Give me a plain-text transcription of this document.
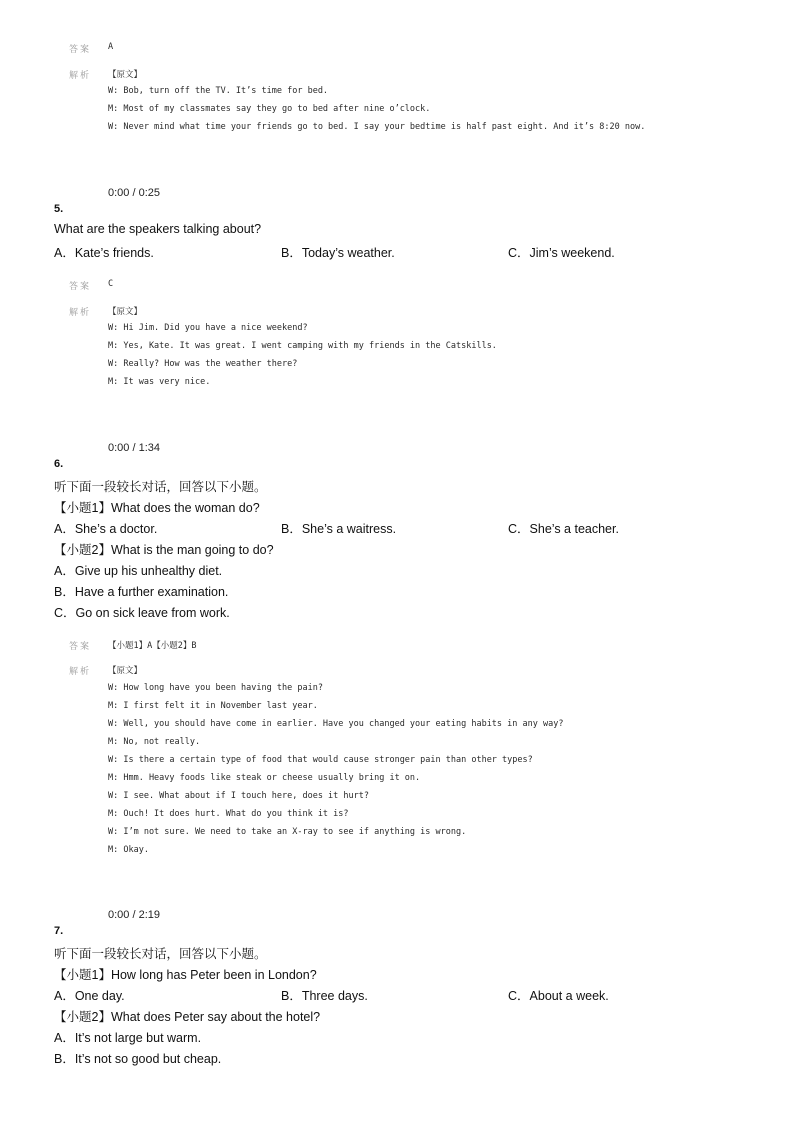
答案 A
解析 【原文】
W: Bob, turn off the TV. It’s time for bed.
M: Most of my classmates say they go to bed after nine o’clock.
W: Never mind what time your friends go to bed. I say your bedtime is half past eight. And it’s 8:20 now.
0:00 / 0:25
5.
What are the speakers talking about?
A．Kate’s friends.	B．Today’s weather.	C．Jim’s weekend.
答案 C
解析 【原文】
W: Hi Jim. Did you have a nice weekend?
M: Yes, Kate. It was great. I went camping with my friends in the Catskills.
W: Really? How was the weather there?
M: It was very nice.
0:00 / 1:34
6.
听下面一段较长对话，回答以下小题。
【小题1】What does the woman do?
A．She’s a doctor.	B．She’s a waitress.	C．She’s a teacher.
【小题2】What is the man going to do?
A．Give up his unhealthy diet.
B．Have a further examination.
C．Go on sick leave from work.
答案 【小题1】A【小题2】B
解析 【原文】
W: How long have you been having the pain?
M: I first felt it in November last year.
W: Well, you should have come in earlier. Have you changed your eating habits in any way?
M: No, not really.
W: Is there a certain type of food that would cause stronger pain than other types?
M: Hmm. Heavy foods like steak or cheese usually bring it on.
W: I see. What about if I touch here, does it hurt?
M: Ouch! It does hurt. What do you think it is?
W: I’m not sure. We need to take an X-ray to see if anything is wrong.
M: Okay.
0:00 / 2:19
7.
听下面一段较长对话，回答以下小题。
【小题1】How long has Peter been in London?
A．One day.	B．Three days.	C．About a week.
【小题2】What does Peter say about the hotel?
A．It’s not large but warm.
B．It’s not so good but cheap.
